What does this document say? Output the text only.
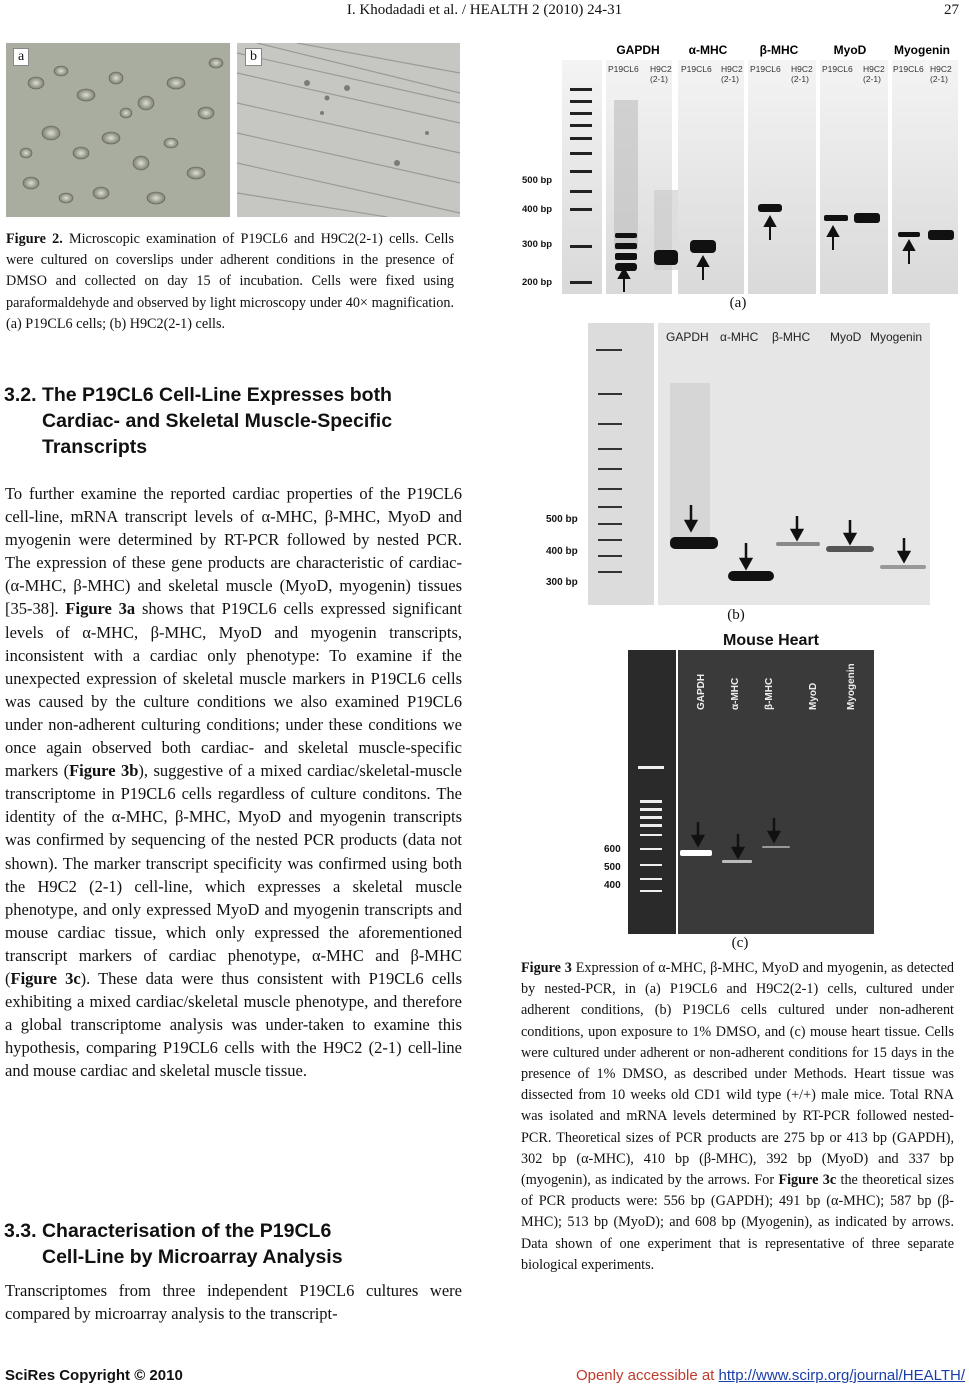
I. Khodadadi et al. / HEALTH 2 (2010) 24-31	27
a	b
Figure 2. Microscopic examination of P19CL6 and H9C2(2-1) cells. Cells were cultured on coverslips under adherent conditions in the presence of DMSO and collected on day 15 of incubation. Cells were fixed using paraformaldehyde and observed by light microscopy under 40× magnification. (a) P19CL6 cells; (b) H9C2(2-1) cells.
3.2. The P19CL6 Cell-Line Expresses both
Cardiac- and Skeletal Muscle-Specific
Transcripts

To further examine the reported cardiac properties of the P19CL6 cell-line, mRNA transcript levels of α-MHC, β-MHC, MyoD and myogenin were determined by RT-PCR followed by nested PCR. The expression of these gene products are characteristic of cardiac- (α-MHC, β-MHC) and skeletal muscle (MyoD, myogenin) tissues [35-38]. Figure 3a shows that P19CL6 cells expressed significant levels of α-MHC, β-MHC, MyoD and myogenin transcripts, inconsistent with a cardiac only phenotype: To examine if the unexpected expression of skeletal muscle markers in P19CL6 cells was caused by the culture conditions we also examined P19CL6 under non-adherent culturing conditions; under these conditions we once again observed both cardiac- and skeletal muscle-specific markers (Figure 3b), suggestive of a mixed cardiac/skeletal-muscle transcriptome in P19CL6 cells regardless of culture conditons. The identity of the α-MHC, β-MHC, MyoD and myogenin transcripts was confirmed by sequencing of the nested PCR products (data not shown). The marker transcript specificity was confirmed using both the H9C2 (2-1) cell-line, which expresses a skeletal muscle phenotype, and only expressed MyoD and myogenin transcripts and mouse cardiac tissue, which only expressed the aforementioned transcript markers of cardiac phenotype, α-MHC and β-MHC (Figure 3c). These data were thus consistent with P19CL6 cells exhibiting a mixed cardiac/skeletal muscle phenotype, and therefore a global transcriptome analysis was under-taken to examine this hypothesis, comparing P19CL6 cells with the H9C2 (2-1) cell-line and mouse cardiac and skeletal muscle tissue.

3.3. Characterisation of the P19CL6
Cell-Line by Microarray Analysis

Transcriptomes from three independent P19CL6 cultures were compared by microarray analysis to the transcript-

GAPDH α-MHC	β-MHC	MyoD Myogenin
P19CL6 H9C2
(2-1)
P19CL6 H9C2
(2-1)
P19CL6 H9C2
(2-1)
P19CL6 H9C2
(2-1)
P19CL6 H9C2
(2-1)
500 bp
400 bp
300 bp
200 bp
(a)
GAPDH α-MHC β-MHC MyoD Myogenin
500 bp
400 bp
300 bp
(b)
Mouse Heart
GAPDH α-MHC β-MHC	MyoD	Myogenin
600
500
400
(c)
Figure 3 Expression of α-MHC, β-MHC, MyoD and myogenin, as detected by nested-PCR, in (a) P19CL6 and H9C2(2-1) cells, cultured under adherent conditions, (b) P19CL6 cells cultured under non-adherent conditions, upon exposure to 1% DMSO, and (c) mouse heart tissue. Cells were cultured under adherent or non-adherent conditions for 15 days in the presence of 1% DMSO, as described under Methods. Heart tissue was dissected from 10 weeks old CD1 wild type (+/+) male mice. Total RNA was isolated and mRNA levels determined by RT-PCR followed nested-PCR. Theoretical sizes of PCR products are 275 bp or 413 bp (GAPDH), 302 bp (α-MHC), 410 bp (β-MHC), 392 bp (MyoD) and 337 bp (myogenin), as indicated by the arrows. For Figure 3c the theoretical sizes of PCR products were: 556 bp (GAPDH); 491 bp (α-MHC); 587 bp (β-MHC); 513 bp (MyoD); and 608 bp (Myogenin), as indicated by arrows. Data shown of one experiment that is representative of three separate biological experiments.
SciRes Copyright © 2010	Openly accessible at http://www.scirp.org/journal/HEALTH/
